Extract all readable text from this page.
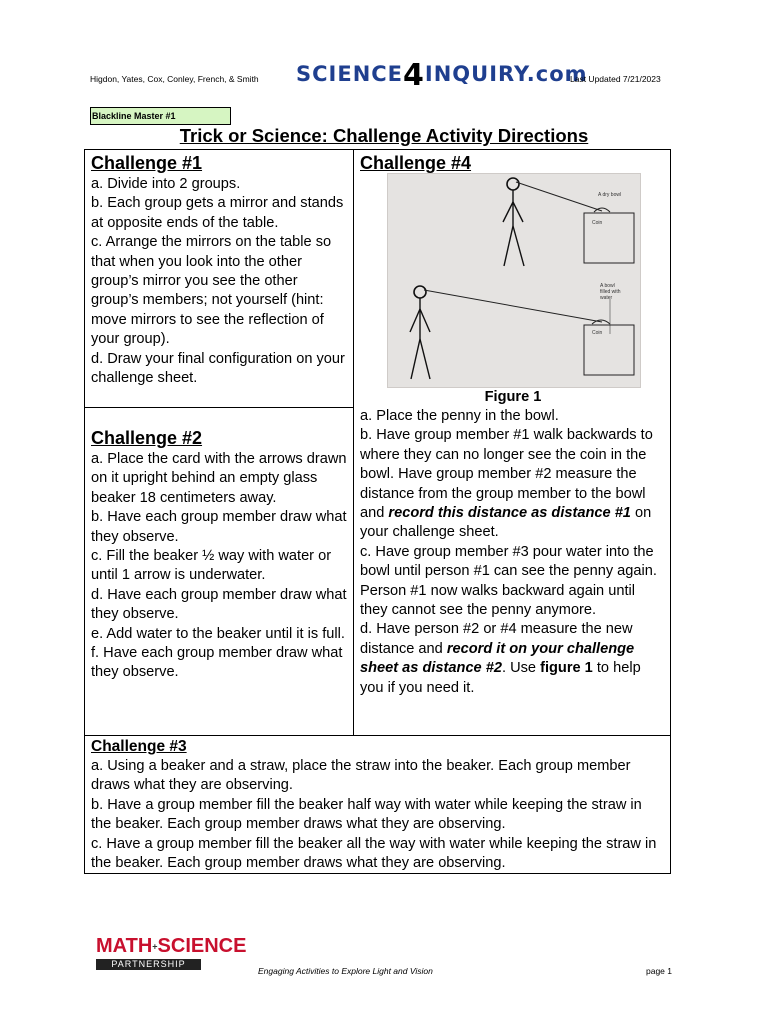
Higdon, Yates, Cox, Conley, French, & Smith SCIENCE4INQUIRY.com
Last Updated 7/21/2023
Blackline Master #1
Trick or Science: Challenge Activity Directions
Challenge #1

a. Divide into 2 groups.

b. Each group gets a mirror and stands at opposite ends of the table.

c. Arrange the mirrors on the table so that when you look into the other group’s mirror you see the other group’s members; not yourself (hint: move mirrors to see the reflection of your group).

d. Draw your final configuration on your challenge sheet.

Challenge #2

a. Place the card with the arrows drawn on it upright behind an empty glass beaker 18 centimeters away.

b. Have each group member draw what they observe.

c. Fill the beaker ½ way with water or until 1 arrow is underwater.

d. Have each group member draw what they observe.

e. Add water to the beaker until it is full.

f. Have each group member draw what they observe.

Challenge #4
A dry bowl
Coin
A bowl
filled with
water
Coin
Figure 1

a. Place the penny in the bowl.

b. Have group member #1 walk backwards to where they can no longer see the coin in the bowl. Have group member #2 measure the distance from the group member to the bowl and record this distance as distance #1 on your challenge sheet.

c. Have group member #3 pour water into the bowl until person #1 can see the penny again. Person #1 now walks backward again until they cannot see the penny anymore.

d. Have person #2 or #4 measure the new distance and record it on your challenge sheet as distance #2. Use figure 1 to help you if you need it.

Challenge #3

a. Using a beaker and a straw, place the straw into the beaker. Each group member draws what they are observing.

b. Have a group member fill the beaker half way with water while keeping the straw in the beaker. Each group member draws what they are observing.

c. Have a group member fill the beaker all the way with water while keeping the straw in the beaker. Each group member draws what they are observing.

MATH+SCIENCE
PARTNERSHIP
Engaging Activities to Explore Light and Vision	page 1
